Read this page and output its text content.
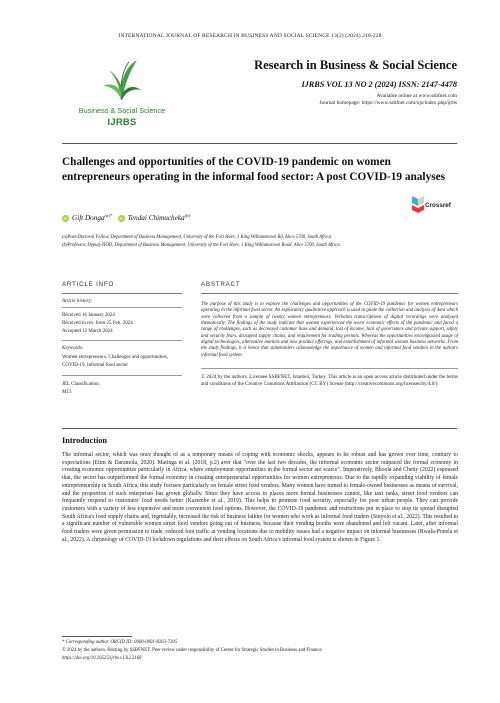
INTERNATIONAL JOURNAL OF RESEARCH IN BUSINESS AND SOCIAL SCIENCE 13(2) (2024) 216-228
Business & Social Science
IJRBS
Research in Business & Social Science
IJRBS VOL 13 NO 2 (2024) ISSN: 2147-4478
Available online at www.ssbfnet.com
Journal homepage: https://www.ssbfnet.com/ojs/index.php/ijrbs
Challenges and opportunities of the COVID-19 pandemic on women entrepreneurs operating in the informal food sector: A post COVID-19 analyses
Crossref
iD Gift Donga$^{(a)*}$   iD Tendai Chimucheka$^{(b)}$
(a)Post-Doctoral Fellow, Department of Business Management, University of the Fort Hare, 1 King Williamstown Rd, Alice 5700, South Africa
(b)Professor, Deputy HOD, Department of Business Management, University of the Fort Hare, 1 King Williamstown Road, Alice 5700, South Africa
ARTICLE INFO
Article history:
Received 16 January 2024
Received in rev. form 25 Feb. 2024
Accepted 12 March 2024
Keywords:
Women entrepreneurs, Challenges and opportunities, COVID-19, Informal food sector
JEL Classification:
M13
ABSTRACT
The purpose of this study is to explore the challenges and opportunities of the COVID-19 pandemic for women entrepreneurs operating in the informal food sector. An exploratory qualitative approach is used to guide the collection and analysis of data which were collected from a sample of twenty women entrepreneurs. Verbatim transcriptions of digital recordings were analysed thematically. The findings of the study indicate that women experienced the worst economic effects of the pandemic and faced a range of challenges, such as decreased customer base and demand, lost of income, lack of governance and private support, safety and security fears, disrupted supply chains, and requirement for trading permits. Whereas the opportunities encompassed usage of digital technologies, alternative markets and new product offerings, and establishment of informal women business networks. From the study findings, it is hence that stakeholders acknowledge the importance of women and informal food vendors in the nation's informal food system.
© 2024 by the authors. Licensee SSBFNET, Istanbul, Turkey. This article is an open access article distributed under the terms and conditions of the Creative Commons Attribution (CC BY) license (http://creativecommons.org/licenses/by/4.0/).
Introduction
The informal sector, which was once thought of as a temporary means of coping with economic shocks, appears to be robust and has grown over time, contrary to expectations (Etim & Daramola, 2020). Matinga et al. (2018, p.2) aver that "over the last two decades, the informal economic sector outpaced the formal economy in creating economic opportunities particularly in Africa, where employment opportunities in the formal sector are scarce". Imperatively, Bhoola and Chetty (2022) espoused that, the sector has outperformed the formal economy in creating entrepreneurial opportunities for women entrepreneurs. Due to the rapidly expanding viability of female entrepreneurship in South Africa, this study focuses particularly on female street food vendors. Many women have turned to female-owned businesses as means of survival, and the proportion of such enterprises has grown globally. Since they have access to places more formal businesses cannot, like taxi ranks, street food vendors can frequently respond to customers' food needs better (Kazembe et al., 2019). This helps to promote food security, especially for poor urban people. They can provide customers with a variety of less expensive and more convenient food options. However, the COVID-19 pandemic and restrictions put in place to stop its spread disrupted South Africa's food supply chains and, regrettably, increased the risk of business failure for women who work as informal food traders (Sinyolo et al., 2022). This resulted in a significant number of vulnerable women street food vendors going out of business, because their vending booths were abandoned and left vacant. Later, after informal food traders were given permission to trade, reduced foot traffic at vending locations due to mobility issues had a negative impact on informal businesses (Rwafa-Ponela et al., 2022). A chronology of COVID-19 lockdown regulations and their effects on South Africa's informal food system is shown in Figure 1.
* Corresponding author. ORCID ID: 0000-0001-8263-7205
© 2024 by the authors. Hosting by SSBFNET. Peer review under responsibility of Center for Strategic Studies in Business and Finance.
https://doi.org/10.20525/ijrbs.v13i2.3168
